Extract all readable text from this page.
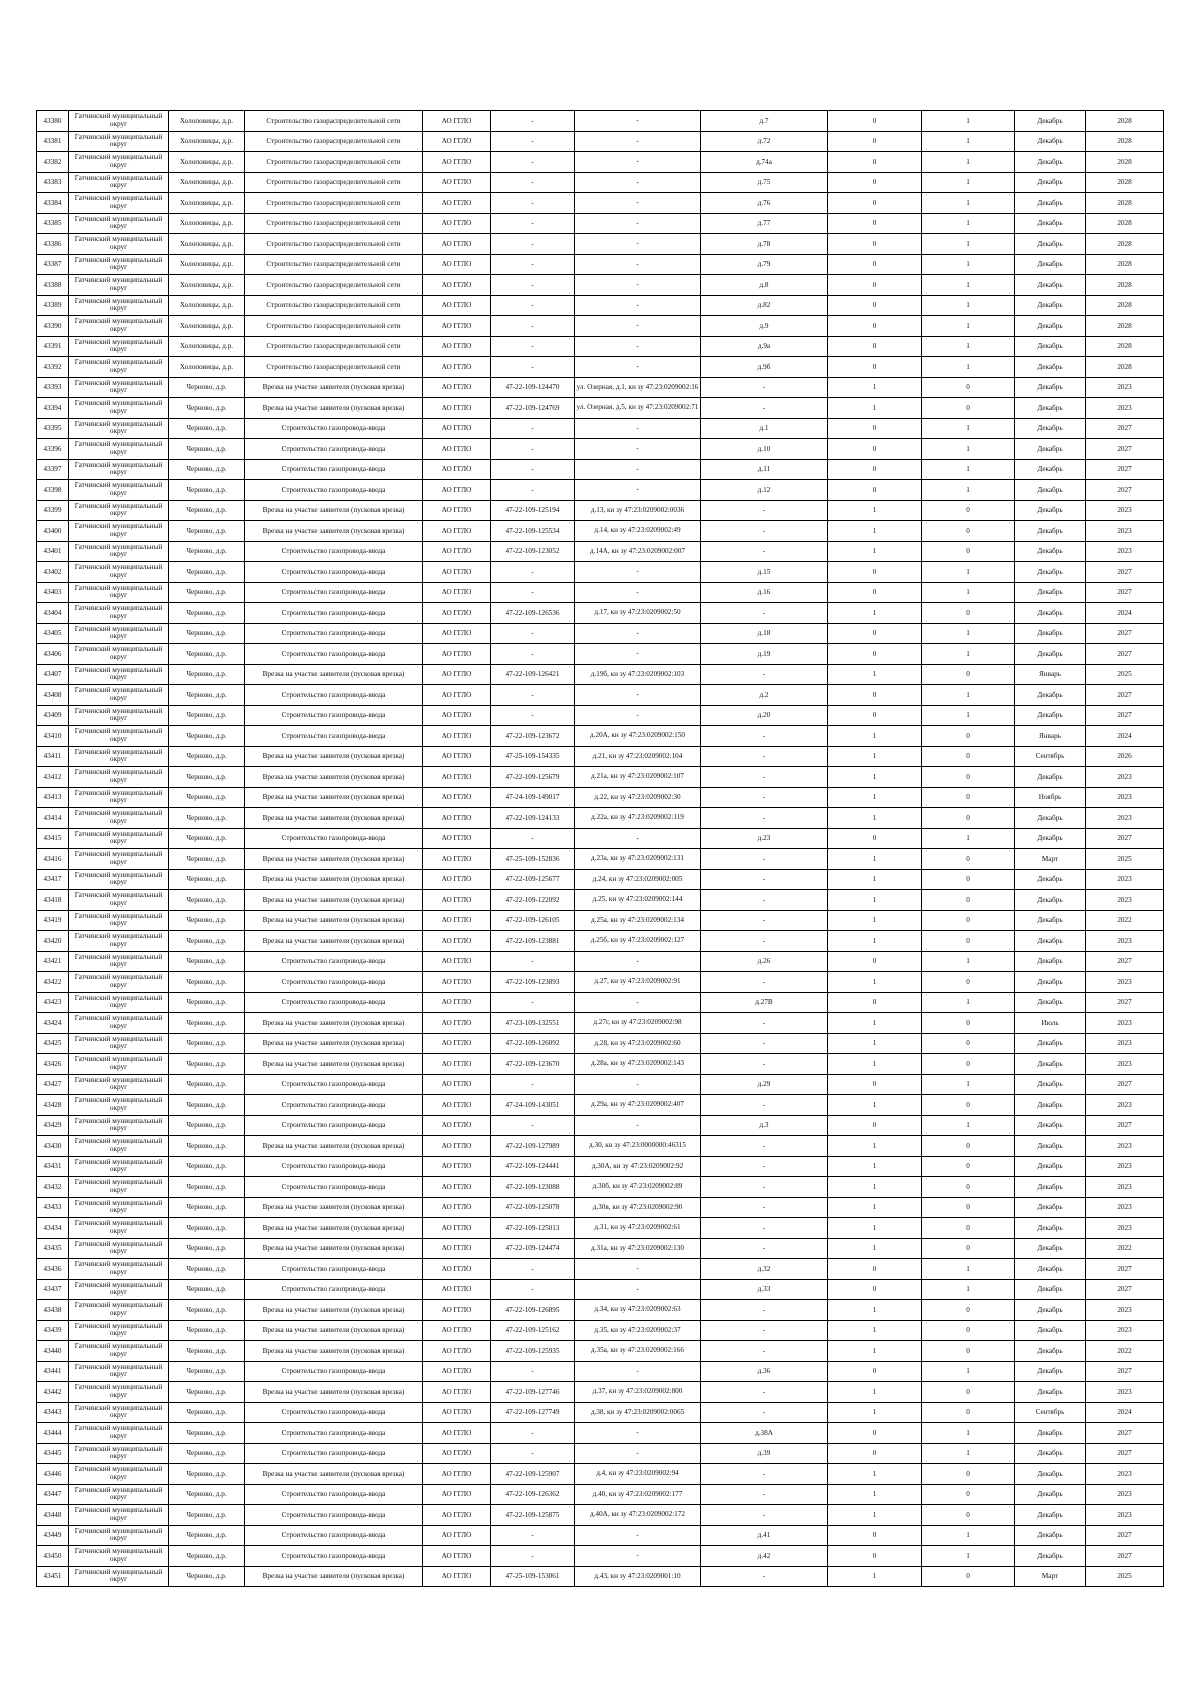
43380	Гатчинский муниципальный округ	Холоповицы, д.р.	Строительство газораспределительной сети	АО ГГЛО	-	-	д.7	0	1	Декабрь	2028
43381	Гатчинский муниципальный округ	Холоповицы, д.р.	Строительство газораспределительной сети	АО ГГЛО	-	-	д.72	0	1	Декабрь	2028
43382	Гатчинский муниципальный округ	Холоповицы, д.р.	Строительство газораспределительной сети	АО ГГЛО	-	-	д.74а	0	1	Декабрь	2028
43383	Гатчинский муниципальный округ	Холоповицы, д.р.	Строительство газораспределительной сети	АО ГГЛО	-	-	д.75	0	1	Декабрь	2028
43384	Гатчинский муниципальный округ	Холоповицы, д.р.	Строительство газораспределительной сети	АО ГГЛО	-	-	д.76	0	1	Декабрь	2028
43385	Гатчинский муниципальный округ	Холоповицы, д.р.	Строительство газораспределительной сети	АО ГГЛО	-	-	д.77	0	1	Декабрь	2028
43386	Гатчинский муниципальный округ	Холоповицы, д.р.	Строительство газораспределительной сети	АО ГГЛО	-	-	д.78	0	1	Декабрь	2028
43387	Гатчинский муниципальный округ	Холоповицы, д.р.	Строительство газораспределительной сети	АО ГГЛО	-	-	д.79	0	1	Декабрь	2028
43388	Гатчинский муниципальный округ	Холоповицы, д.р.	Строительство газораспределительной сети	АО ГГЛО	-	-	д.8	0	1	Декабрь	2028
43389	Гатчинский муниципальный округ	Холоповицы, д.р.	Строительство газораспределительной сети	АО ГГЛО	-	-	д.82	0	1	Декабрь	2028
43390	Гатчинский муниципальный округ	Холоповицы, д.р.	Строительство газораспределительной сети	АО ГГЛО	-	-	д.9	0	1	Декабрь	2028
43391	Гатчинский муниципальный округ	Холоповицы, д.р.	Строительство газораспределительной сети	АО ГГЛО	-	-	д.9а	0	1	Декабрь	2028
43392	Гатчинский муниципальный округ	Холоповицы, д.р.	Строительство газораспределительной сети	АО ГГЛО	-	-	д.9б	0	1	Декабрь	2028
43393	Гатчинский муниципальный округ	Черново, д.р.	Врезка на участке заявителя (пусковая врезка)	АО ГГЛО	47-22-109-124470	ул. Озерная, д.1, кн зу 47:23:0209002:16	-	1	0	Декабрь	2023
43394	Гатчинский муниципальный округ	Черново, д.р.	Врезка на участке заявителя (пусковая врезка)	АО ГГЛО	47-22-109-124769	ул. Озерная, д.5, кн зу 47:23:0209002:71	-	1	0	Декабрь	2023
43395	Гатчинский муниципальный округ	Черново, д.р.	Строительство газопровода-ввода	АО ГГЛО	-	-	д.1	0	1	Декабрь	2027
43396	Гатчинский муниципальный округ	Черново, д.р.	Строительство газопровода-ввода	АО ГГЛО	-	-	д.10	0	1	Декабрь	2027
43397	Гатчинский муниципальный округ	Черново, д.р.	Строительство газопровода-ввода	АО ГГЛО	-	-	д.11	0	1	Декабрь	2027
43398	Гатчинский муниципальный округ	Черново, д.р.	Строительство газопровода-ввода	АО ГГЛО	-	-	д.12	0	1	Декабрь	2027
43399	Гатчинский муниципальный округ	Черново, д.р.	Врезка на участке заявителя (пусковая врезка)	АО ГГЛО	47-22-109-125194	д.13, кн зу 47:23:0209002:0036	-	1	0	Декабрь	2023
43400	Гатчинский муниципальный округ	Черново, д.р.	Врезка на участке заявителя (пусковая врезка)	АО ГГЛО	47-22-109-125534	д.14, кн зу 47:23:0209002:49	-	1	0	Декабрь	2023
43401	Гатчинский муниципальный округ	Черново, д.р.	Строительство газопровода-ввода	АО ГГЛО	47-22-109-123052	д.14А, кн зу 47:23:0209002:007	-	1	0	Декабрь	2023
43402	Гатчинский муниципальный округ	Черново, д.р.	Строительство газопровода-ввода	АО ГГЛО	-	-	д.15	0	1	Декабрь	2027
43403	Гатчинский муниципальный округ	Черново, д.р.	Строительство газопровода-ввода	АО ГГЛО	-	-	д.16	0	1	Декабрь	2027
43404	Гатчинский муниципальный округ	Черново, д.р.	Строительство газопровода-ввода	АО ГГЛО	47-22-109-126536	д.17, кн зу 47:23:0209002:50	-	1	0	Декабрь	2024
43405	Гатчинский муниципальный округ	Черново, д.р.	Строительство газопровода-ввода	АО ГГЛО	-	-	д.18	0	1	Декабрь	2027
43406	Гатчинский муниципальный округ	Черново, д.р.	Строительство газопровода-ввода	АО ГГЛО	-	-	д.19	0	1	Декабрь	2027
43407	Гатчинский муниципальный округ	Черново, д.р.	Врезка на участке заявителя (пусковая врезка)	АО ГГЛО	47-22-109-126421	д.19б, кн зу 47:23:0209002:103	-	1	0	Январь	2025
43408	Гатчинский муниципальный округ	Черново, д.р.	Строительство газопровода-ввода	АО ГГЛО	-	-	д.2	0	1	Декабрь	2027
43409	Гатчинский муниципальный округ	Черново, д.р.	Строительство газопровода-ввода	АО ГГЛО	-	-	д.20	0	1	Декабрь	2027
43410	Гатчинский муниципальный округ	Черново, д.р.	Строительство газопровода-ввода	АО ГГЛО	47-22-109-123672	д.20А, кн зу 47:23:0209002:150	-	1	0	Январь	2024
43411	Гатчинский муниципальный округ	Черново, д.р.	Врезка на участке заявителя (пусковая врезка)	АО ГГЛО	47-25-109-154335	д.21, кн зу 47:23:0209002:104	-	1	0	Сентябрь	2026
43412	Гатчинский муниципальный округ	Черново, д.р.	Врезка на участке заявителя (пусковая врезка)	АО ГГЛО	47-22-109-125679	д.21а, кн зу 47:23:0209002:107	-	1	0	Декабрь	2023
43413	Гатчинский муниципальный округ	Черново, д.р.	Врезка на участке заявителя (пусковая врезка)	АО ГГЛО	47-24-109-149017	д.22, кн зу 47:23:0209002:30	-	1	0	Ноябрь	2023
43414	Гатчинский муниципальный округ	Черново, д.р.	Врезка на участке заявителя (пусковая врезка)	АО ГГЛО	47-22-109-124133	д.22а, кн зу 47:23:0209002:119	-	1	0	Декабрь	2023
43415	Гатчинский муниципальный округ	Черново, д.р.	Строительство газопровода-ввода	АО ГГЛО	-	-	д.23	0	1	Декабрь	2027
43416	Гатчинский муниципальный округ	Черново, д.р.	Врезка на участке заявителя (пусковая врезка)	АО ГГЛО	47-25-109-152836	д.23а, кн зу 47:23:0209002:131	-	1	0	Март	2025
43417	Гатчинский муниципальный округ	Черново, д.р.	Врезка на участке заявителя (пусковая врезка)	АО ГГЛО	47-22-109-125677	д.24, кн зу 47:23:0209002:005	-	1	0	Декабрь	2023
43418	Гатчинский муниципальный округ	Черново, д.р.	Врезка на участке заявителя (пусковая врезка)	АО ГГЛО	47-22-109-122092	д.25, кн зу 47:23:0209002:144	-	1	0	Декабрь	2023
43419	Гатчинский муниципальный округ	Черново, д.р.	Врезка на участке заявителя (пусковая врезка)	АО ГГЛО	47-22-109-126105	д.25а, кн зу 47:23:0209002:134	-	1	0	Декабрь	2022
43420	Гатчинский муниципальный округ	Черново, д.р.	Врезка на участке заявителя (пусковая врезка)	АО ГГЛО	47-22-109-123881	д.25б, кн зу 47:23:0209002:127	-	1	0	Декабрь	2023
43421	Гатчинский муниципальный округ	Черново, д.р.	Строительство газопровода-ввода	АО ГГЛО	-	-	д.26	0	1	Декабрь	2027
43422	Гатчинский муниципальный округ	Черново, д.р.	Строительство газопровода-ввода	АО ГГЛО	47-22-109-123893	д.27, кн зу 47:23:0209002:91	-	1	0	Декабрь	2023
43423	Гатчинский муниципальный округ	Черново, д.р.	Строительство газопровода-ввода	АО ГГЛО	-	-	д.27В	0	1	Декабрь	2027
43424	Гатчинский муниципальный округ	Черново, д.р.	Врезка на участке заявителя (пусковая врезка)	АО ГГЛО	47-23-109-132551	д.27г, кн зу 47:23:0209002:98	-	1	0	Июль	2023
43425	Гатчинский муниципальный округ	Черново, д.р.	Врезка на участке заявителя (пусковая врезка)	АО ГГЛО	47-22-109-126092	д.28, кн зу 47:23:0209002:60	-	1	0	Декабрь	2023
43426	Гатчинский муниципальный округ	Черново, д.р.	Врезка на участке заявителя (пусковая врезка)	АО ГГЛО	47-22-109-123670	д.28а, кн зу 47:23:0209002:143	-	1	0	Декабрь	2023
43427	Гатчинский муниципальный округ	Черново, д.р.	Строительство газопровода-ввода	АО ГГЛО	-	-	д.29	0	1	Декабрь	2027
43428	Гатчинский муниципальный округ	Черново, д.р.	Строительство газопровода-ввода	АО ГГЛО	47-24-109-143051	д.29а, кн зу 47:23:0209002:407	-	1	0	Декабрь	2023
43429	Гатчинский муниципальный округ	Черново, д.р.	Строительство газопровода-ввода	АО ГГЛО	-	-	д.3	0	1	Декабрь	2027
43430	Гатчинский муниципальный округ	Черново, д.р.	Врезка на участке заявителя (пусковая врезка)	АО ГГЛО	47-22-109-127989	д.30, кн зу 47:23:0000000:46315	-	1	0	Декабрь	2023
43431	Гатчинский муниципальный округ	Черново, д.р.	Строительство газопровода-ввода	АО ГГЛО	47-22-109-124441	д.30А, кн зу 47:23:0209002:92	-	1	0	Декабрь	2023
43432	Гатчинский муниципальный округ	Черново, д.р.	Строительство газопровода-ввода	АО ГГЛО	47-22-109-123088	д.30б, кн зу 47:23:0209002:89	-	1	0	Декабрь	2023
43433	Гатчинский муниципальный округ	Черново, д.р.	Врезка на участке заявителя (пусковая врезка)	АО ГГЛО	47-22-109-125078	д.30в, кн зу 47:23:0209002:90	-	1	0	Декабрь	2023
43434	Гатчинский муниципальный округ	Черново, д.р.	Врезка на участке заявителя (пусковая врезка)	АО ГГЛО	47-22-109-125013	д.31, кн зу 47:23:0209002:61	-	1	0	Декабрь	2023
43435	Гатчинский муниципальный округ	Черново, д.р.	Врезка на участке заявителя (пусковая врезка)	АО ГГЛО	47-22-109-124474	д.31а, кн зу 47:23:0209002:130	-	1	0	Декабрь	2022
43436	Гатчинский муниципальный округ	Черново, д.р.	Строительство газопровода-ввода	АО ГГЛО	-	-	д.32	0	1	Декабрь	2027
43437	Гатчинский муниципальный округ	Черново, д.р.	Строительство газопровода-ввода	АО ГГЛО	-	-	д.33	0	1	Декабрь	2027
43438	Гатчинский муниципальный округ	Черново, д.р.	Врезка на участке заявителя (пусковая врезка)	АО ГГЛО	47-22-109-126895	д.34, кн зу 47:23:0209002:63	-	1	0	Декабрь	2023
43439	Гатчинский муниципальный округ	Черново, д.р.	Врезка на участке заявителя (пусковая врезка)	АО ГГЛО	47-22-109-125162	д.35, кн зу 47:23:0209002:37	-	1	0	Декабрь	2023
43440	Гатчинский муниципальный округ	Черново, д.р.	Врезка на участке заявителя (пусковая врезка)	АО ГГЛО	47-22-109-125935	д.35а, кн зу 47:23:0209002:166	-	1	0	Декабрь	2022
43441	Гатчинский муниципальный округ	Черново, д.р.	Строительство газопровода-ввода	АО ГГЛО	-	-	д.36	0	1	Декабрь	2027
43442	Гатчинский муниципальный округ	Черново, д.р.	Врезка на участке заявителя (пусковая врезка)	АО ГГЛО	47-22-109-127746	д.37, кн зу 47:23:0209002:800	-	1	0	Декабрь	2023
43443	Гатчинский муниципальный округ	Черново, д.р.	Строительство газопровода-ввода	АО ГГЛО	47-22-109-127749	д.38, кн зу 47:23:0209002:0065	-	1	0	Сентябрь	2024
43444	Гатчинский муниципальный округ	Черново, д.р.	Строительство газопровода-ввода	АО ГГЛО	-	-	д.38А	0	1	Декабрь	2027
43445	Гатчинский муниципальный округ	Черново, д.р.	Строительство газопровода-ввода	АО ГГЛО	-	-	д.39	0	1	Декабрь	2027
43446	Гатчинский муниципальный округ	Черново, д.р.	Врезка на участке заявителя (пусковая врезка)	АО ГГЛО	47-22-109-125907	д.4, кн зу 47:23:0209002:94	-	1	0	Декабрь	2023
43447	Гатчинский муниципальный округ	Черново, д.р.	Строительство газопровода-ввода	АО ГГЛО	47-22-109-126362	д.40, кн зу 47:23:0209002:177	-	1	0	Декабрь	2023
43448	Гатчинский муниципальный округ	Черново, д.р.	Строительство газопровода-ввода	АО ГГЛО	47-22-109-125875	д.40А, кн зу 47:23:0209002:172	-	1	0	Декабрь	2023
43449	Гатчинский муниципальный округ	Черново, д.р.	Строительство газопровода-ввода	АО ГГЛО	-	-	д.41	0	1	Декабрь	2027
43450	Гатчинский муниципальный округ	Черново, д.р.	Строительство газопровода-ввода	АО ГГЛО	-	-	д.42	0	1	Декабрь	2027
43451	Гатчинский муниципальный округ	Черново, д.р.	Врезка на участке заявителя (пусковая врезка)	АО ГГЛО	47-25-109-153061	д.43, кн зу 47:23:0209001:10	-	1	0	Март	2025
